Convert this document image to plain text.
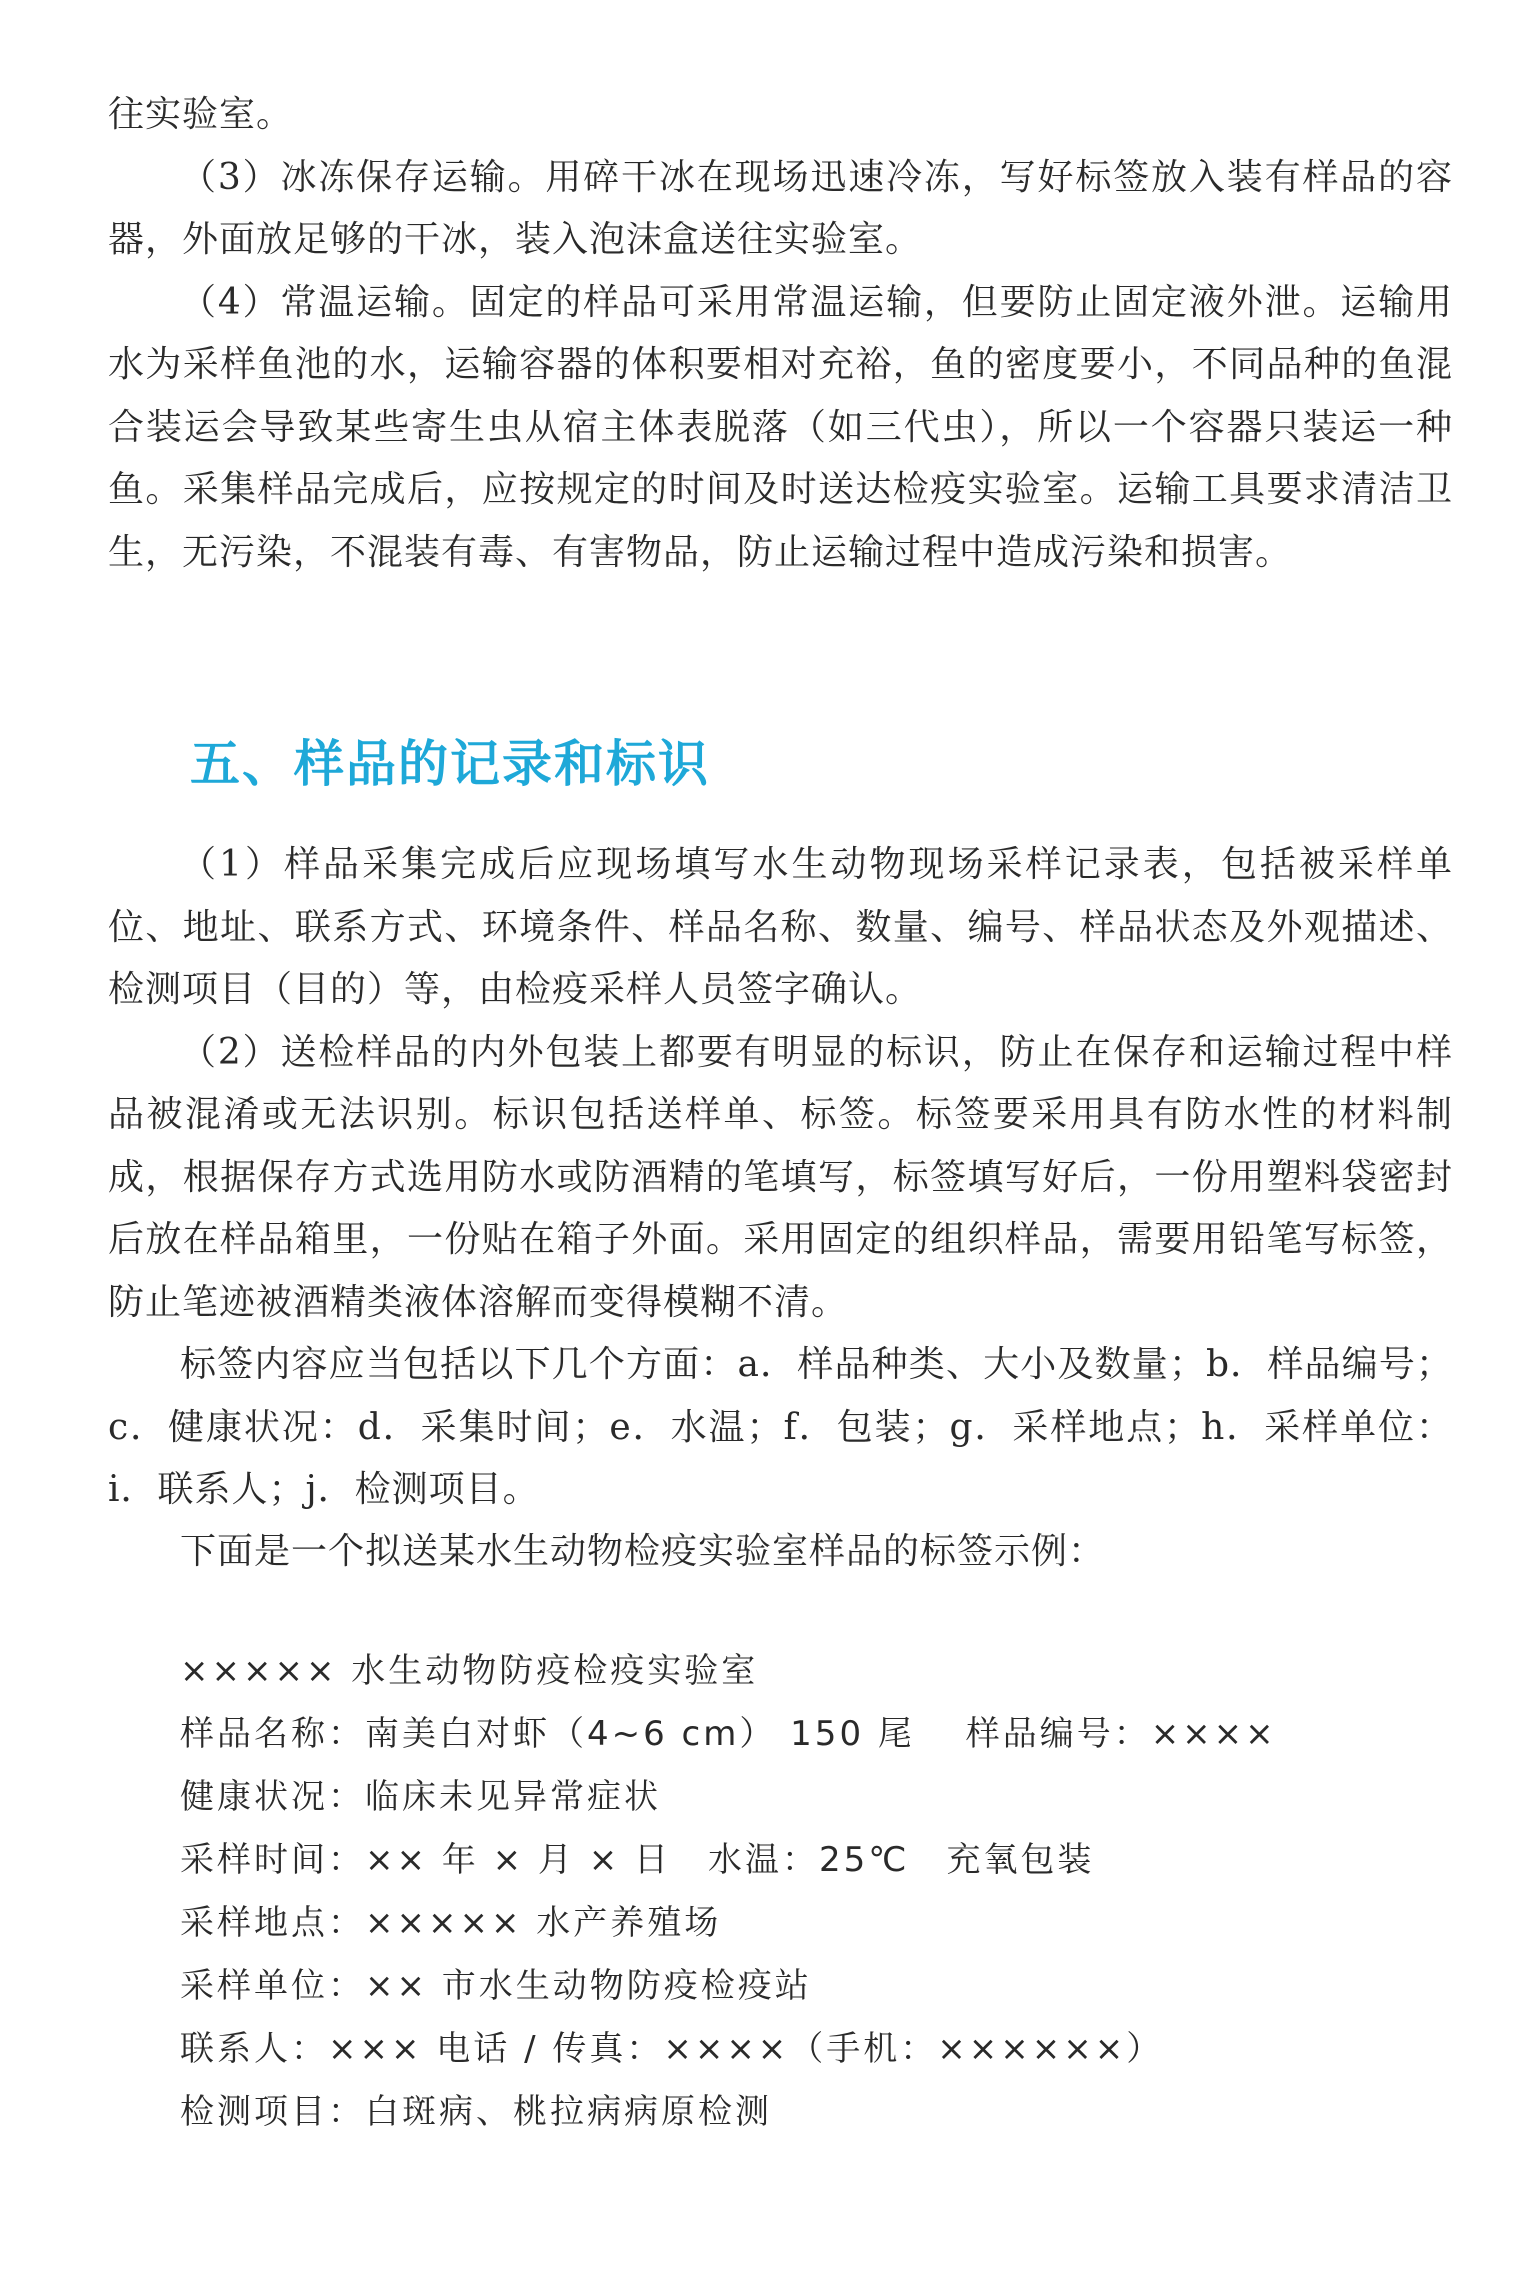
往实验室。

（3）冰冻保存运输。用碎干冰在现场迅速冷冻，写好标签放入装有样品的容器，外面放足够的干冰，装入泡沫盒送往实验室。

（4）常温运输。固定的样品可采用常温运输，但要防止固定液外泄。运输用水为采样鱼池的水，运输容器的体积要相对充裕，鱼的密度要小，不同品种的鱼混合装运会导致某些寄生虫从宿主体表脱落（如三代虫），所以一个容器只装运一种鱼。采集样品完成后，应按规定的时间及时送达检疫实验室。运输工具要求清洁卫生，无污染，不混装有毒、有害物品，防止运输过程中造成污染和损害。

五、样品的记录和标识

（1）样品采集完成后应现场填写水生动物现场采样记录表，包括被采样单位、地址、联系方式、环境条件、样品名称、数量、编号、样品状态及外观描述、检测项目（目的）等，由检疫采样人员签字确认。

（2）送检样品的内外包装上都要有明显的标识，防止在保存和运输过程中样品被混淆或无法识别。标识包括送样单、标签。标签要采用具有防水性的材料制成，根据保存方式选用防水或防酒精的笔填写，标签填写好后，一份用塑料袋密封后放在样品箱里，一份贴在箱子外面。采用固定的组织样品，需要用铅笔写标签，防止笔迹被酒精类液体溶解而变得模糊不清。

标签内容应当包括以下几个方面：a．样品种类、大小及数量；b．样品编号；c．健康状况：d．采集时间；e．水温；f．包装；g．采样地点；h．采样单位：i．联系人；j．检测项目。

下面是一个拟送某水生动物检疫实验室样品的标签示例：

××××× 水生动物防疫检疫实验室

样品名称：南美白对虾（4~6 cm） 150 尾　 样品编号：××××

健康状况：临床未见异常症状

采样时间：×× 年 × 月 × 日　水温：25℃　充氧包装

采样地点：××××× 水产养殖场

采样单位：×× 市水生动物防疫检疫站

联系人：××× 电话 / 传真：××××（手机：××××××）

检测项目：白斑病、桃拉病病原检测
